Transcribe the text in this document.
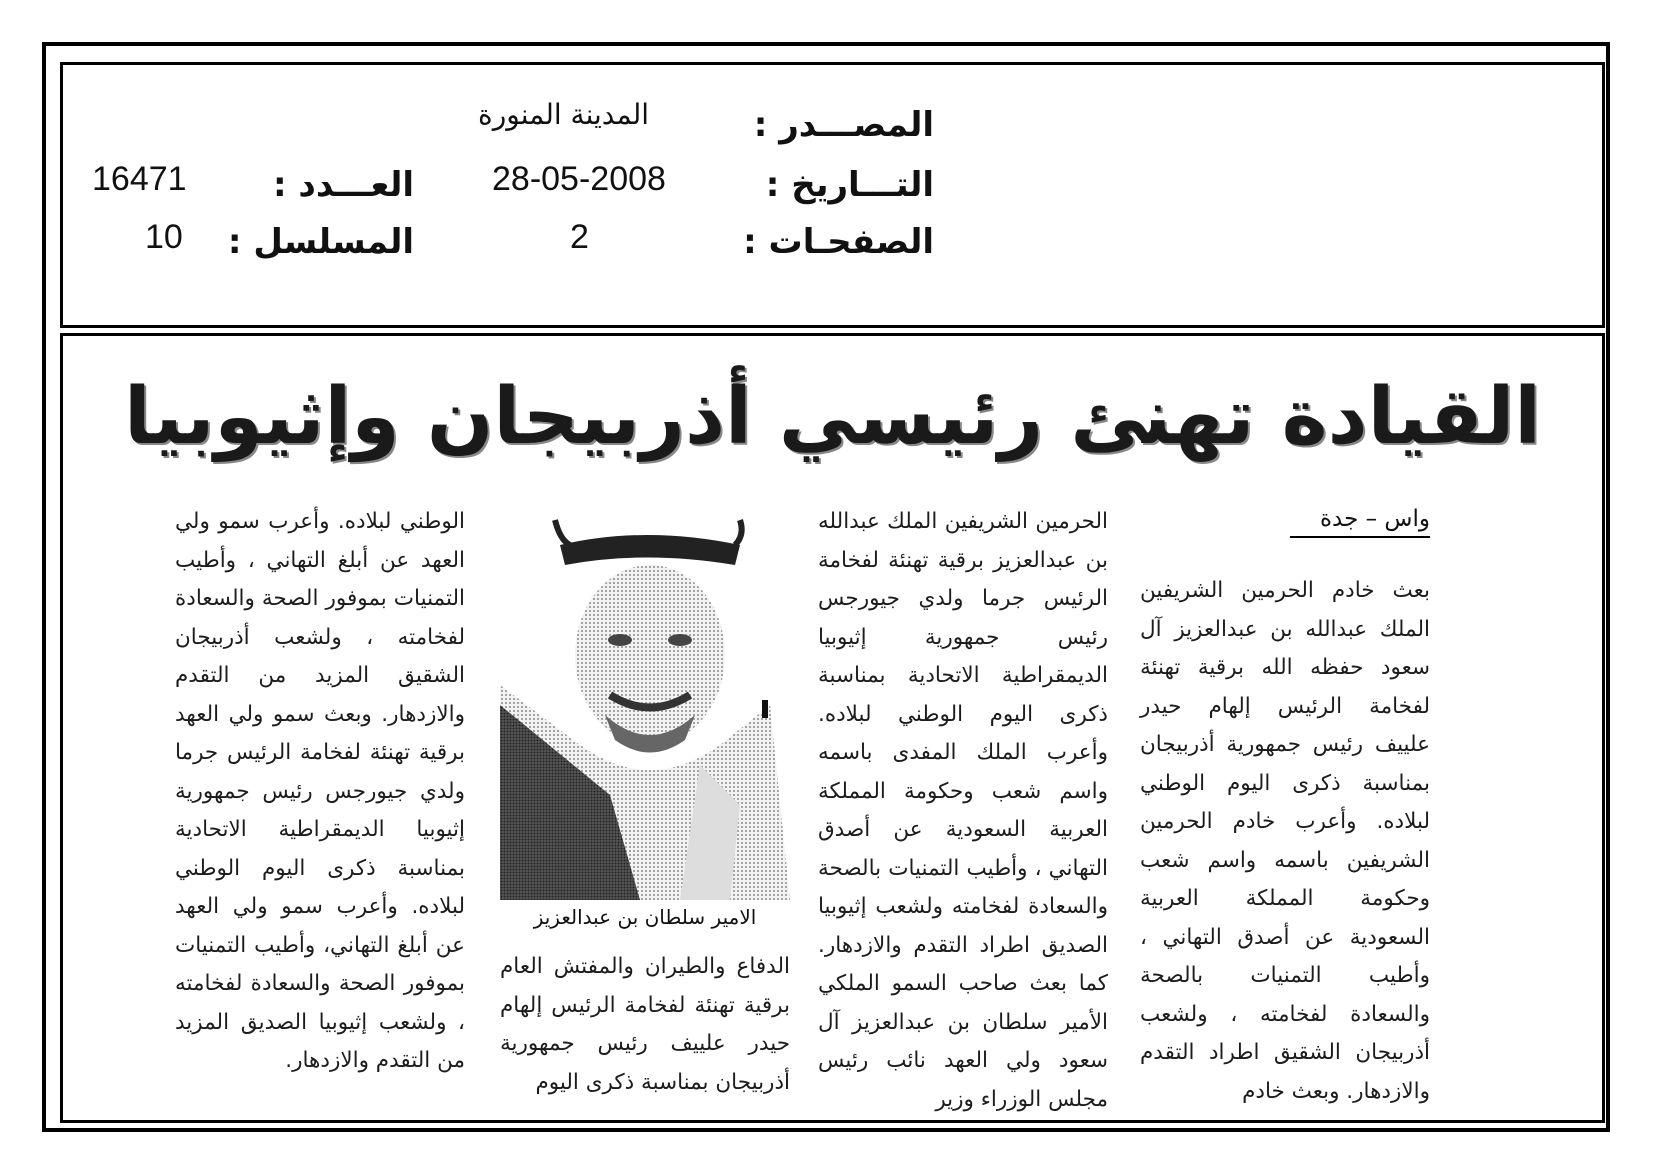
المصـــدر :
المدينة المنورة
التـــاريخ :
28-05-2008
العـــدد :
16471
الصفحـات :
2
المسلسل :
10
القيادة تهنئ رئيسي أذربيجان وإثيوبيا
واس – جدة

بعث خادم الحرمين الشريفين الملك عبدالله بن عبدالعزيز آل سعود حفظه الله برقية تهنئة لفخامة الرئيس إلهام حيدر علييف رئيس جمهورية أذربيجان بمناسبة ذكرى اليوم الوطني لبلاده. وأعرب خادم الحرمين الشريفين باسمه واسم شعب وحكومة المملكة العربية السعودية عن أصدق التهاني ، وأطيب التمنيات بالصحة والسعادة لفخامته ، ولشعب أذربيجان الشقيق اطراد التقدم والازدهار. وبعث خادم

الحرمين الشريفين الملك عبدالله بن عبدالعزيز برقية تهنئة لفخامة الرئيس جرما ولدي جيورجس رئيس جمهورية إثيوبيا الديمقراطية الاتحادية بمناسبة ذكرى اليوم الوطني لبلاده. وأعرب الملك المفدى باسمه واسم شعب وحكومة المملكة العربية السعودية عن أصدق التهاني ، وأطيب التمنيات بالصحة والسعادة لفخامته ولشعب إثيوبيا الصديق اطراد التقدم والازدهار. كما بعث صاحب السمو الملكي الأمير سلطان بن عبدالعزيز آل سعود ولي العهد نائب رئيس مجلس الوزراء وزير

الامير سلطان بن عبدالعزيز

الدفاع والطيران والمفتش العام برقية تهنئة لفخامة الرئيس إلهام حيدر علييف رئيس جمهورية أذربيجان بمناسبة ذكرى اليوم

الوطني لبلاده. وأعرب سمو ولي العهد عن أبلغ التهاني ، وأطيب التمنيات بموفور الصحة والسعادة لفخامته ، ولشعب أذربيجان الشقيق المزيد من التقدم والازدهار. وبعث سمو ولي العهد برقية تهنئة لفخامة الرئيس جرما ولدي جيورجس رئيس جمهورية إثيوبيا الديمقراطية الاتحادية بمناسبة ذكرى اليوم الوطني لبلاده. وأعرب سمو ولي العهد عن أبلغ التهاني، وأطيب التمنيات بموفور الصحة والسعادة لفخامته ، ولشعب إثيوبيا الصديق المزيد من التقدم والازدهار.
